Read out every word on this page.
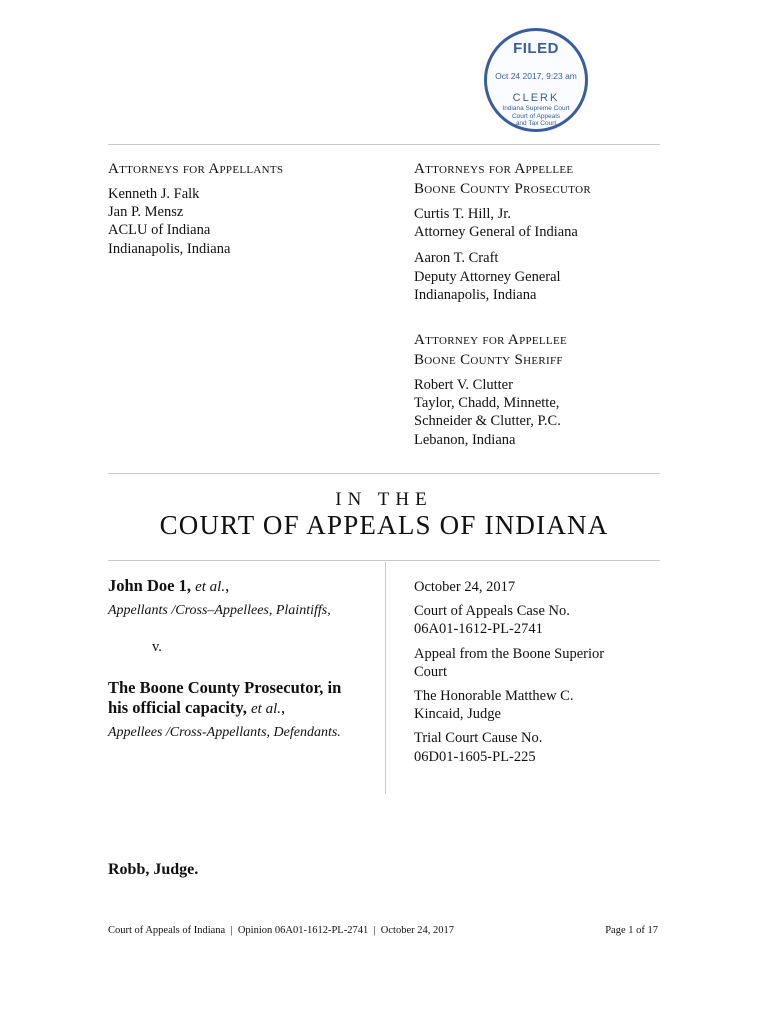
FILED
Oct 24 2017, 9:23 am
CLERK
Indiana Supreme Court
Court of Appeals
and Tax Court
Attorneys for Appellants
Kenneth J. Falk
Jan P. Mensz
ACLU of Indiana
Indianapolis, Indiana
Attorneys for Appellee
Boone County Prosecutor
Curtis T. Hill, Jr.
Attorney General of Indiana
Aaron T. Craft
Deputy Attorney General
Indianapolis, Indiana
Attorney for Appellee
Boone County Sheriff
Robert V. Clutter
Taylor, Chadd, Minnette,
Schneider & Clutter, P.C.
Lebanon, Indiana
IN THE
COURT OF APPEALS OF INDIANA
John Doe 1, et al.,
Appellants /Cross–Appellees, Plaintiffs,
v.
The Boone County Prosecutor, in
his official capacity, et al.,
Appellees /Cross-Appellants, Defendants.
October 24, 2017
Court of Appeals Case No.
06A01-1612-PL-2741
Appeal from the Boone Superior
Court
The Honorable Matthew C.
Kincaid, Judge
Trial Court Cause No.
06D01-1605-PL-225
Robb, Judge.
Court of Appeals of Indiana  |  Opinion 06A01-1612-PL-2741  |  October 24, 2017	Page 1 of 17
